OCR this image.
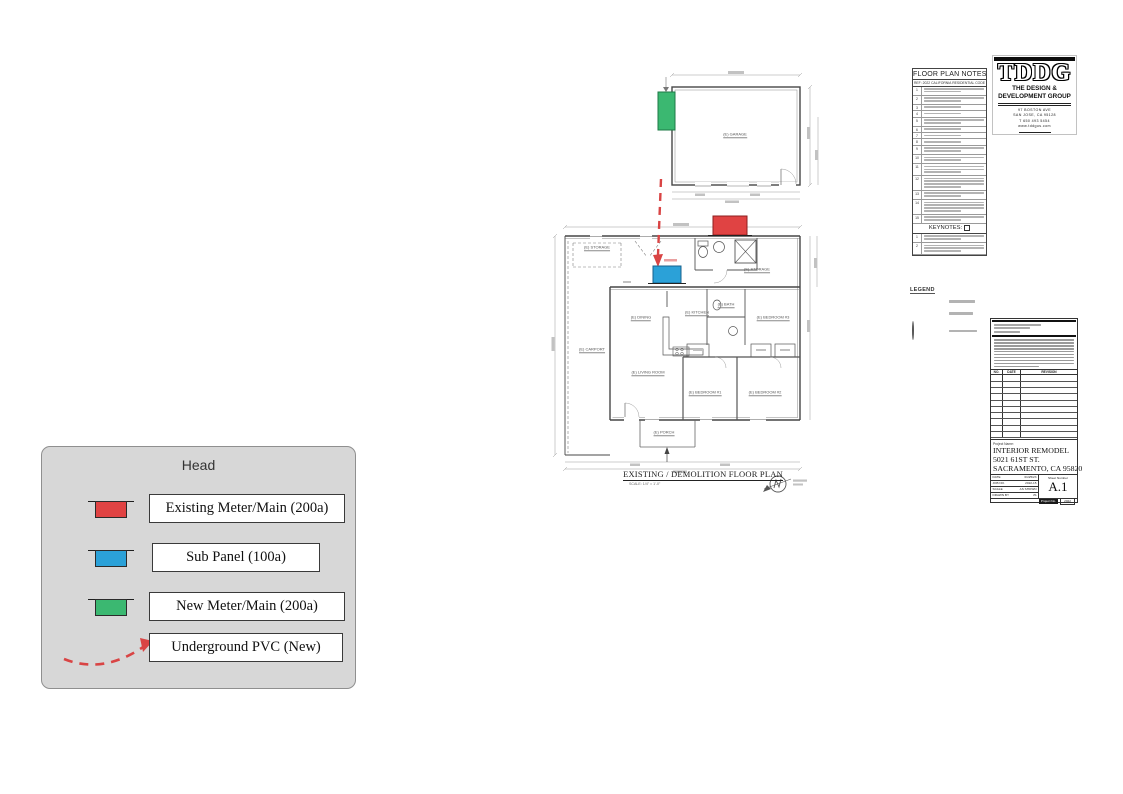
(E) GARAGE
(E) STORAGE
(E) STORAGE
(E) BATH
(E) DINING
(E) KITCHEN
(E) BEDROOM #3
(E) LIVING ROOM
(E) BEDROOM #1	(E) BEDROOM #2
(E) CARPORT
(E) PORCH
EXISTING / DEMOLITION FLOOR PLAN
SCALE: 1/4" = 1'-0"
FLOOR PLAN NOTES
REF: 2022 CALIFORNIA RESIDENTIAL CODE
1
2
3
4
5
6
7
8
9
10
11
12
13
14
15
KEYNOTES:
1
2
LEGEND
TDDG
THE DESIGN &
DEVELOPMENT GROUP
97 BOSTON AVE
SAN JOSE, CA 95128
T 650 493 5454
www.tddgus.com
NO.	DATE	REVISION
Project Name:
INTERIOR REMODEL
5021 61ST ST.
SACRAMENTO, CA 95820
DATE	01/25/23
JOB NO.	2022-15
SCALE	AS SHOWN
DRAWN BY	JS
Sheet Number
A.1
Project No.	2022
Head
Existing Meter/Main (200a)
Sub Panel (100a)
New Meter/Main (200a)
Underground PVC (New)
